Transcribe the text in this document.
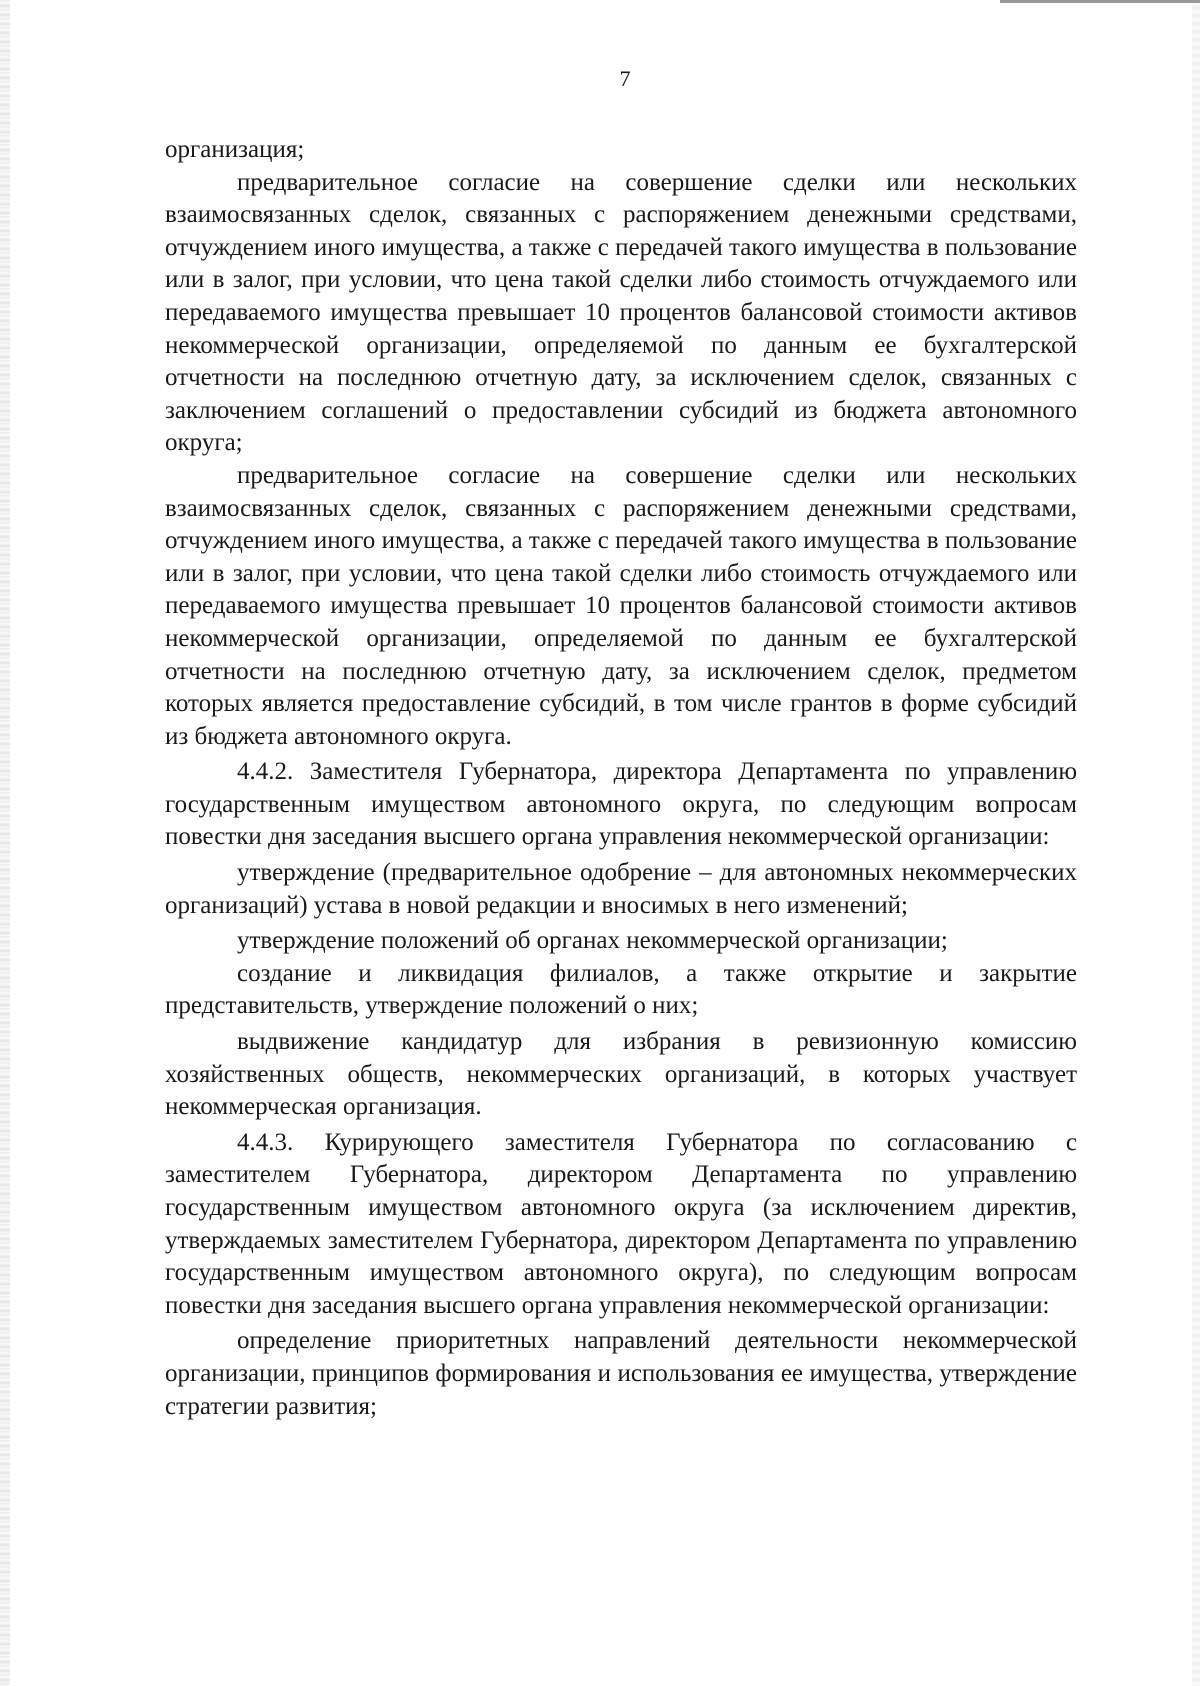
7

организация;

предварительное согласие на совершение сделки или нескольких взаимосвязанных сделок, связанных с распоряжением денежными средствами, отчуждением иного имущества, а также с передачей такого имущества в пользование или в залог, при условии, что цена такой сделки либо стоимость отчуждаемого или передаваемого имущества превышает 10 процентов балансовой стоимости активов некоммерческой организации, определяемой по данным ее бухгалтерской отчетности на последнюю отчетную дату, за исключением сделок, связанных с заключением соглашений о предоставлении субсидий из бюджета автономного округа;

предварительное согласие на совершение сделки или нескольких взаимосвязанных сделок, связанных с распоряжением денежными средствами, отчуждением иного имущества, а также с передачей такого имущества в пользование или в залог, при условии, что цена такой сделки либо стоимость отчуждаемого или передаваемого имущества превышает 10 процентов балансовой стоимости активов некоммерческой организации, определяемой по данным ее бухгалтерской отчетности на последнюю отчетную дату, за исключением сделок, предметом которых является предоставление субсидий, в том числе грантов в форме субсидий из бюджета автономного округа.

4.4.2. Заместителя Губернатора, директора Департамента по управлению государственным имуществом автономного округа, по следующим вопросам повестки дня заседания высшего органа управления некоммерческой организации:

утверждение (предварительное одобрение – для автономных некоммерческих организаций) устава в новой редакции и вносимых в него изменений;

утверждение положений об органах некоммерческой организации;

создание и ликвидация филиалов, а также открытие и закрытие представительств, утверждение положений о них;

выдвижение кандидатур для избрания в ревизионную комиссию хозяйственных обществ, некоммерческих организаций, в которых участвует некоммерческая организация.

4.4.3. Курирующего заместителя Губернатора по согласованию с заместителем Губернатора, директором Департамента по управлению государственным имуществом автономного округа (за исключением директив, утверждаемых заместителем Губернатора, директором Департамента по управлению государственным имуществом автономного округа), по следующим вопросам повестки дня заседания высшего органа управления некоммерческой организации:

определение приоритетных направлений деятельности некоммерческой организации, принципов формирования и использования ее имущества, утверждение стратегии развития;
